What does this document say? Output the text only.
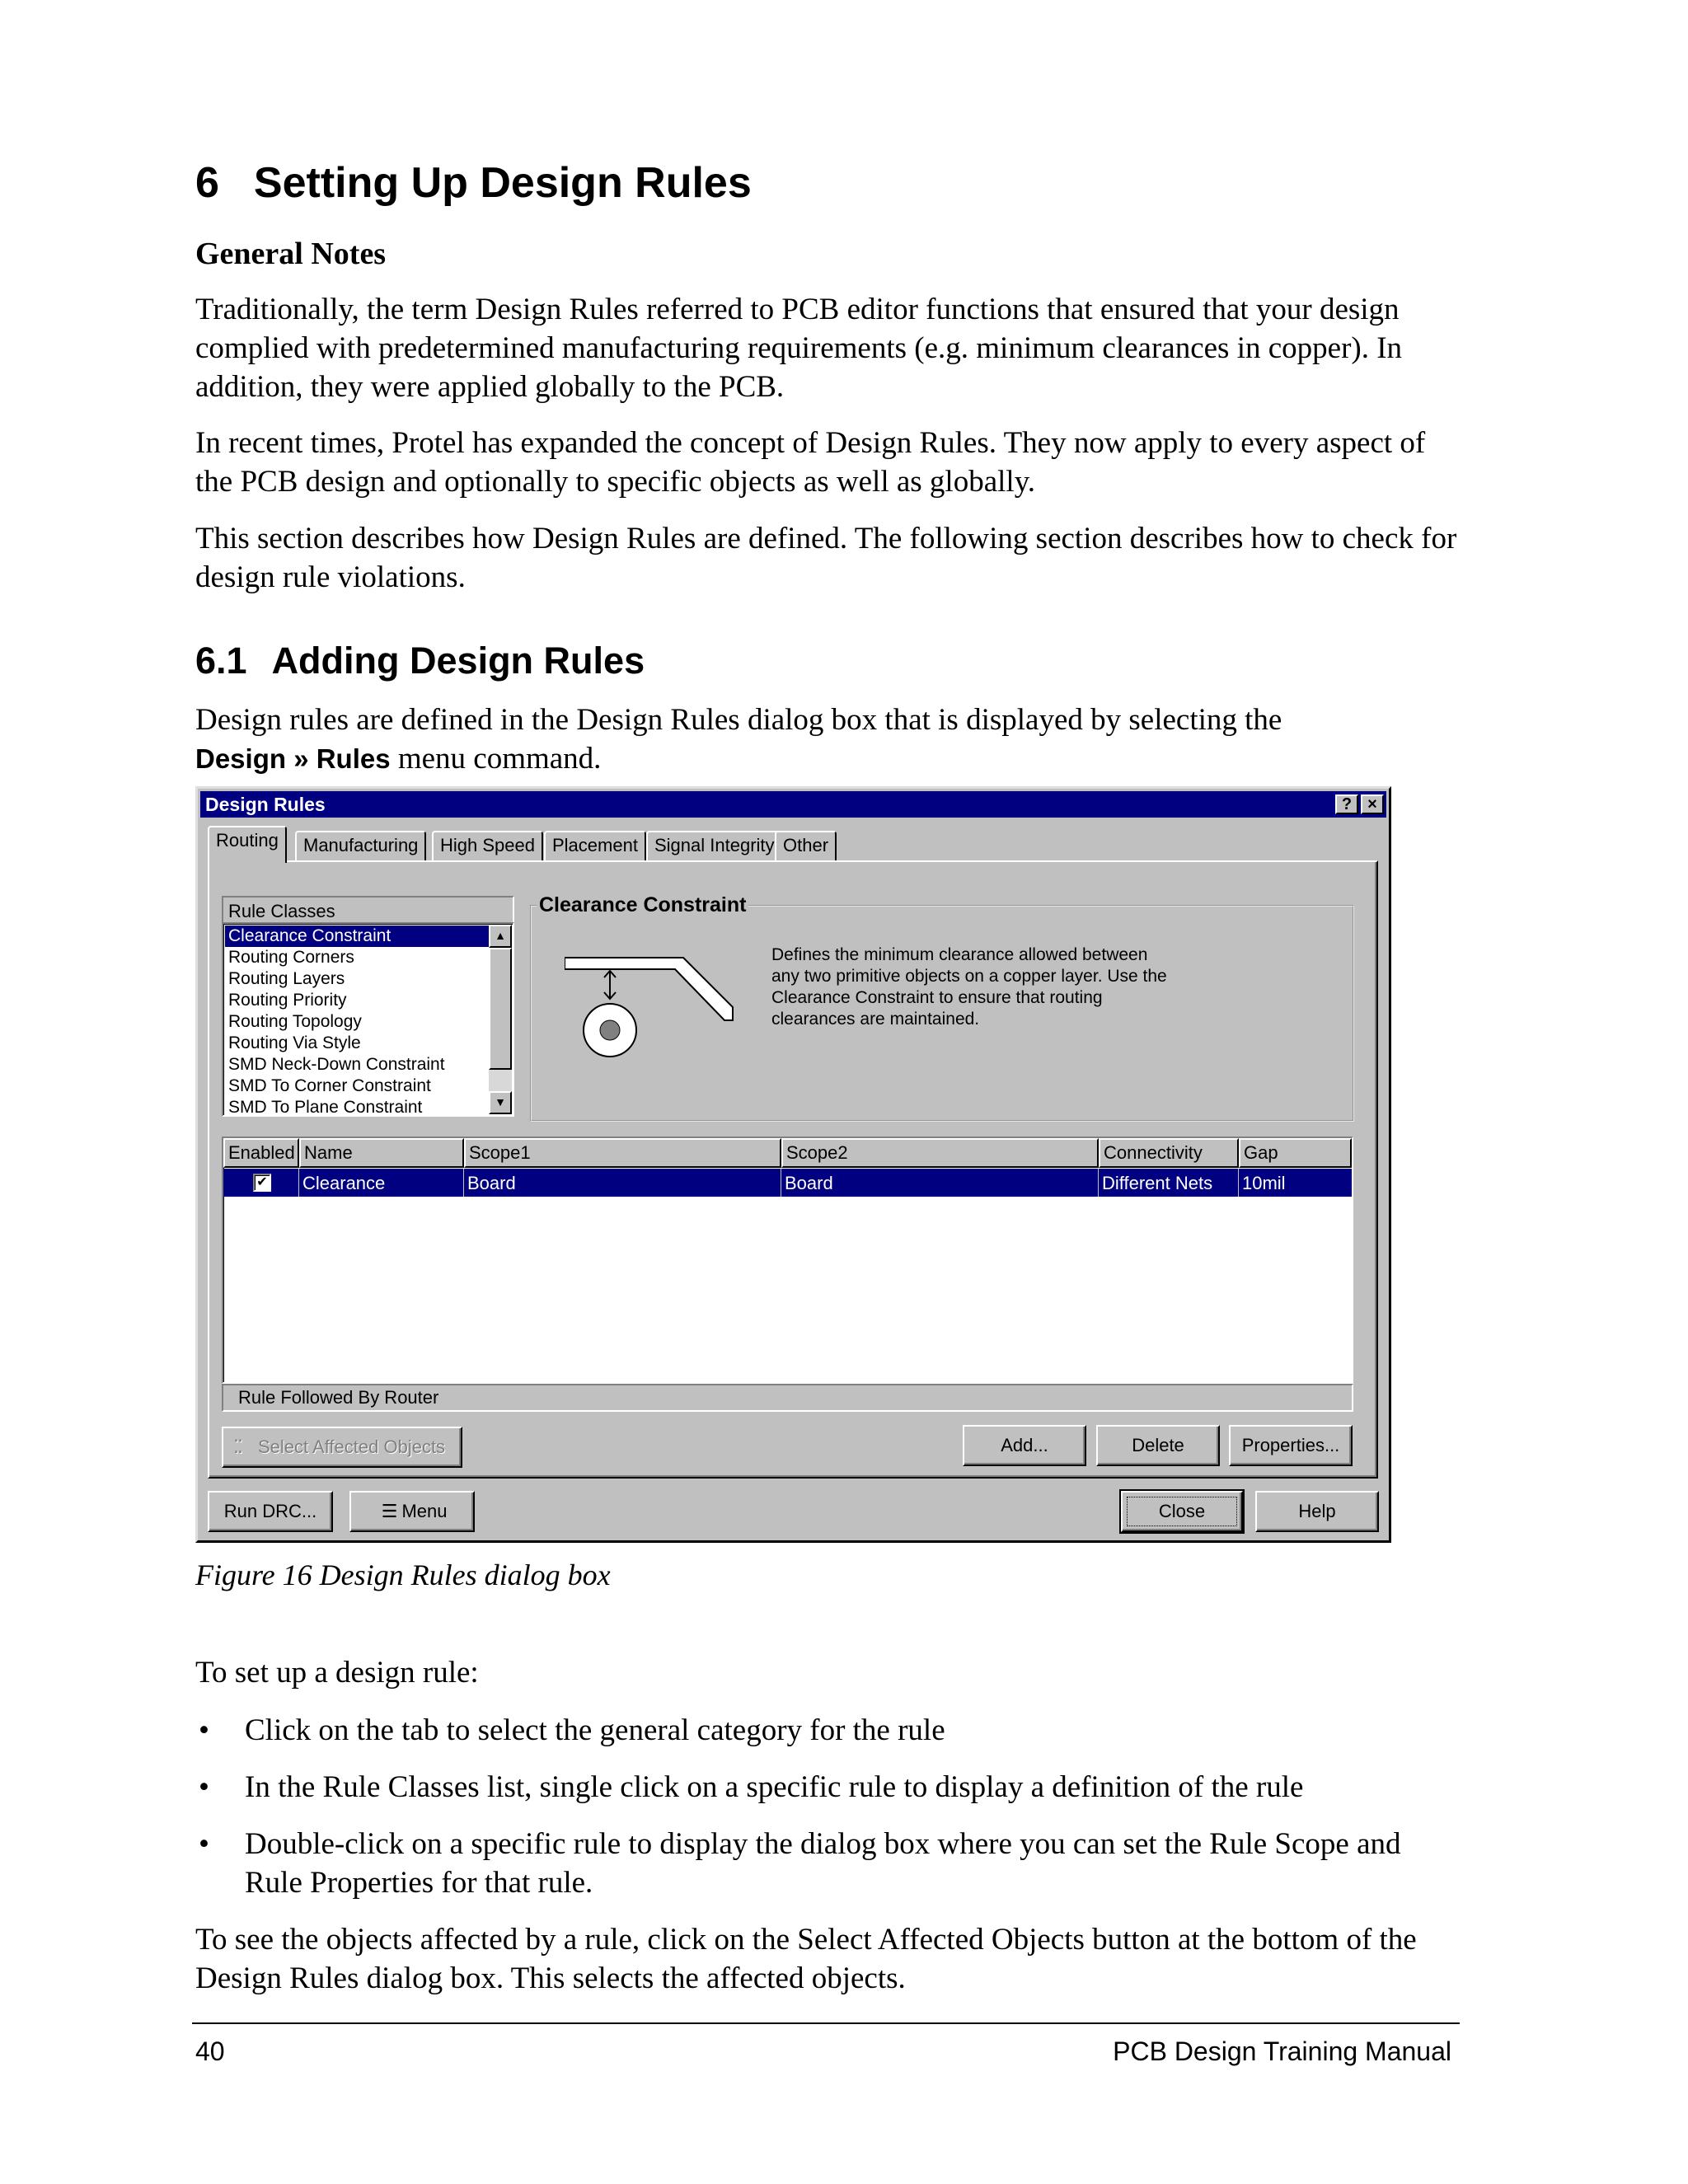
6 Setting Up Design Rules
General Notes
Traditionally, the term Design Rules referred to PCB editor functions that ensured that your design complied with predetermined manufacturing requirements (e.g. minimum clearances in copper). In addition, they were applied globally to the PCB.
In recent times, Protel has expanded the concept of Design Rules. They now apply to every aspect of the PCB design and optionally to specific objects as well as globally.
This section describes how Design Rules are defined. The following section describes how to check for design rule violations.
6.1 Adding Design Rules
Design rules are defined in the Design Rules dialog box that is displayed by selecting the
Design » Rules menu command.
Design Rules	? ×
Routing	Manufacturing	High Speed Placement Signal Integrity Other
Rule Classes
Clearance Constraint
Routing Corners
Routing Layers
Routing Priority
Routing Topology
Routing Via Style
SMD Neck-Down Constraint
SMD To Corner Constraint
SMD To Plane Constraint
▲
▼
Clearance Constraint
Defines the minimum clearance allowed between any two primitive objects on a copper layer. Use the Clearance Constraint to ensure that routing clearances are maintained.
Enabled Name	Scope1	Scope2	Connectivity	Gap
✔ Clearance	Board	Board	Different Nets 10mil
Rule Followed By Router
⁚⁚ Select Affected Objects	Add...	Delete	Properties...
Run DRC...	☰ Menu	Close	Help
Figure 16 Design Rules dialog box
To set up a design rule:
• Click on the tab to select the general category for the rule
• In the Rule Classes list, single click on a specific rule to display a definition of the rule
• Double-click on a specific rule to display the dialog box where you can set the Rule Scope and Rule Properties for that rule.
To see the objects affected by a rule, click on the Select Affected Objects button at the bottom of the Design Rules dialog box. This selects the affected objects.
40	PCB Design Training Manual
